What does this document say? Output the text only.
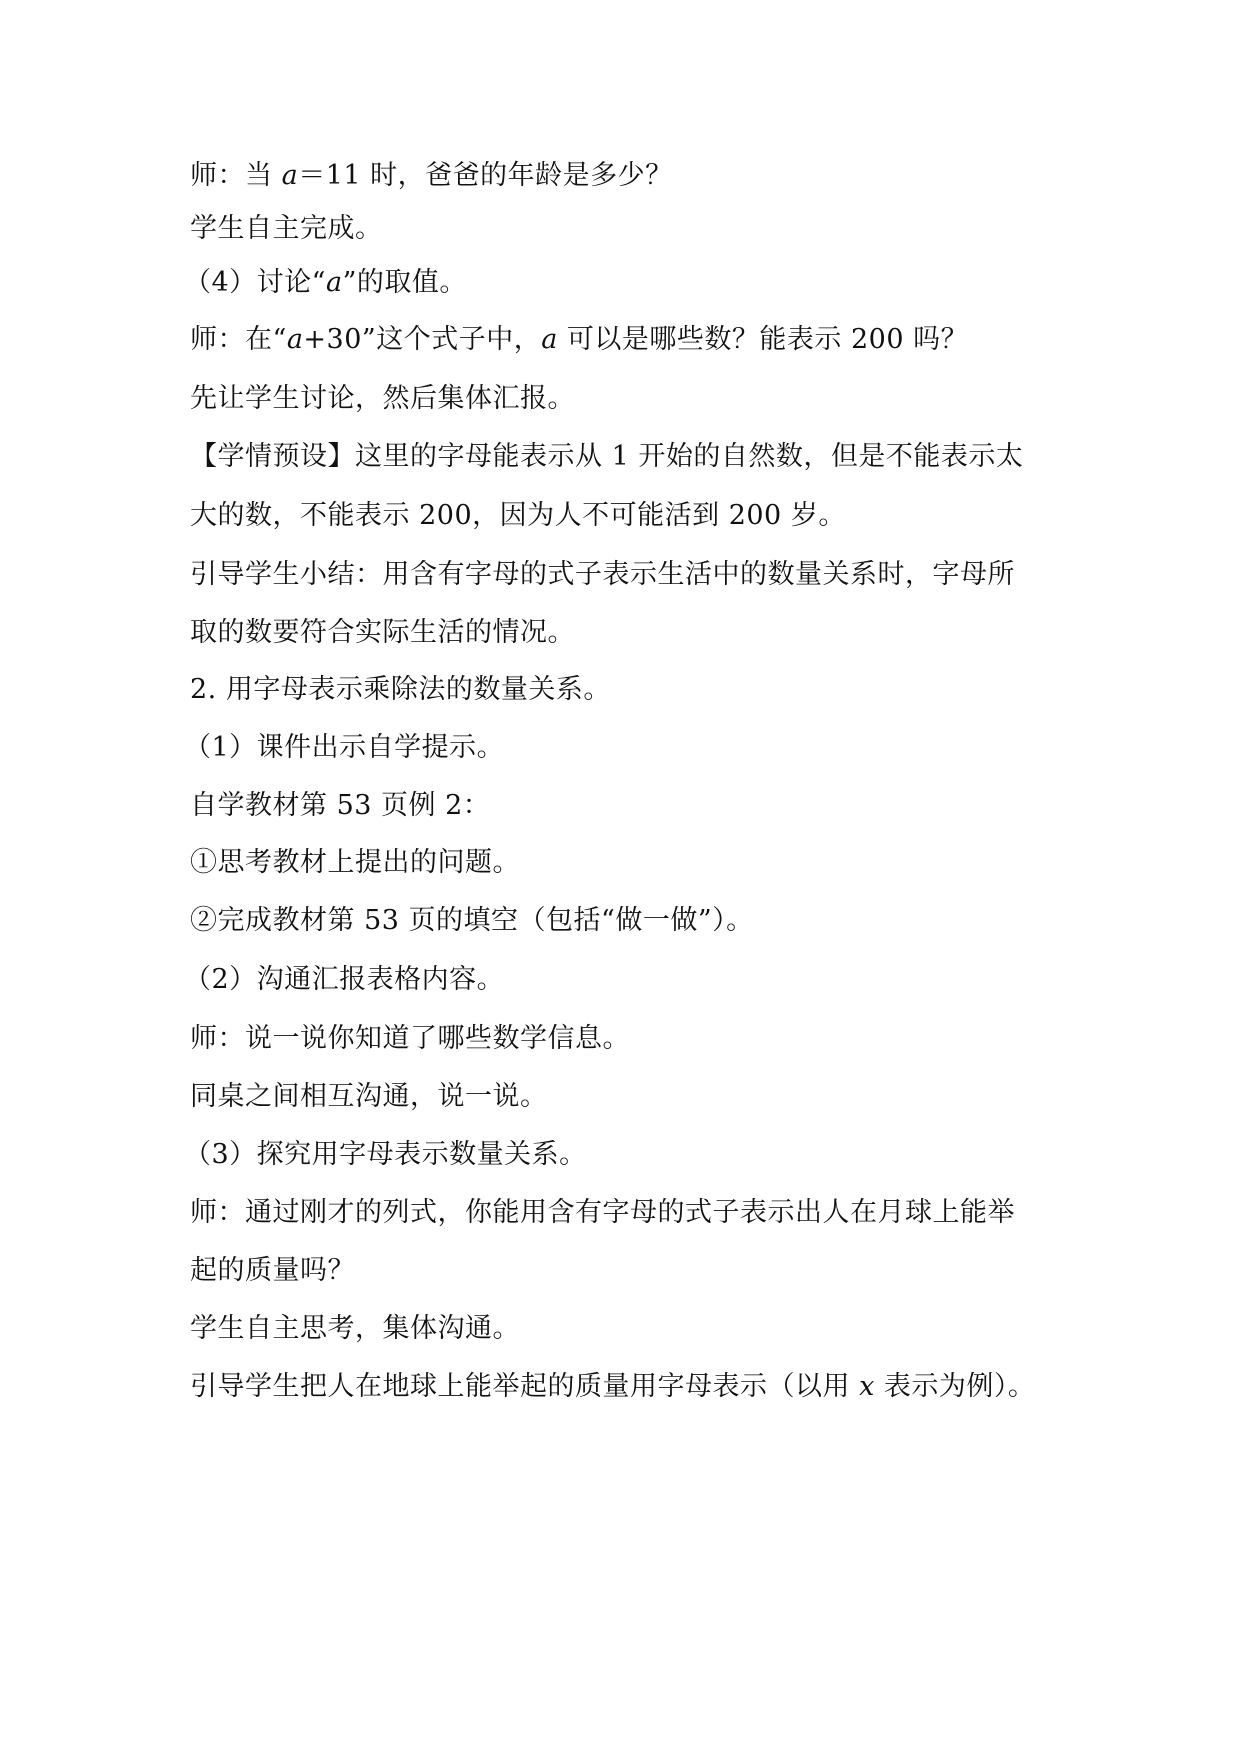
师：当 a＝11 时，爸爸的年龄是多少？
学生自主完成。
（4）讨论“a”的取值。
师：在“a+30”这个式子中，a 可以是哪些数？能表示 200 吗？
先让学生讨论，然后集体汇报。
【学情预设】这里的字母能表示从 1 开始的自然数，但是不能表示太
大的数，不能表示 200，因为人不可能活到 200 岁。
引导学生小结：用含有字母的式子表示生活中的数量关系时，字母所
取的数要符合实际生活的情况。
2. 用字母表示乘除法的数量关系。
（1）课件出示自学提示。
自学教材第 53 页例 2：
①思考教材上提出的问题。
②完成教材第 53 页的填空（包括“做一做”）。
（2）沟通汇报表格内容。
师：说一说你知道了哪些数学信息。
同桌之间相互沟通，说一说。
（3）探究用字母表示数量关系。
师：通过刚才的列式，你能用含有字母的式子表示出人在月球上能举
起的质量吗？
学生自主思考，集体沟通。
引导学生把人在地球上能举起的质量用字母表示（以用 x 表示为例）。
